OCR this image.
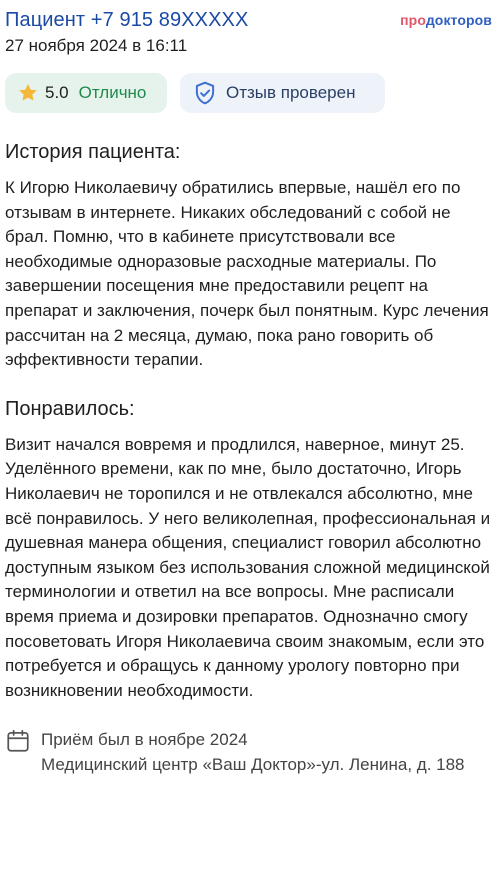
Пациент +7 915 89XXXXX	продокторов
27 ноября 2024 в 16:11
5.0 Отлично	Отзыв проверен
История пациента:
К Игорю Николаевичу обратились впервые, нашёл его по отзывам в интернете. Никаких обследований с собой не брал. Помню, что в кабинете присутствовали все необходимые одноразовые расходные материалы. По завершении посещения мне предоставили рецепт на препарат и заключения, почерк был понятным. Курс лечения рассчитан на 2 месяца, думаю, пока рано говорить об эффективности терапии.
Понравилось:
Визит начался вовремя и продлился, наверное, минут 25. Уделённого времени, как по мне, было достаточно, Игорь Николаевич не торопился и не отвлекался абсолютно, мне всё понравилось. У него великолепная, профессиональная и душевная манера общения, специалист говорил абсолютно доступным языком без использования сложной медицинской терминологии и ответил на все вопросы. Мне расписали время приема и дозировки препаратов. Однозначно смогу посоветовать Игоря Николаевича своим знакомым, если это потребуется и обращусь к данному урологу повторно при возникновении необходимости.
Приём был в ноябре 2024
Медицинский центр «Ваш Доктор»-ул. Ленина, д. 188
